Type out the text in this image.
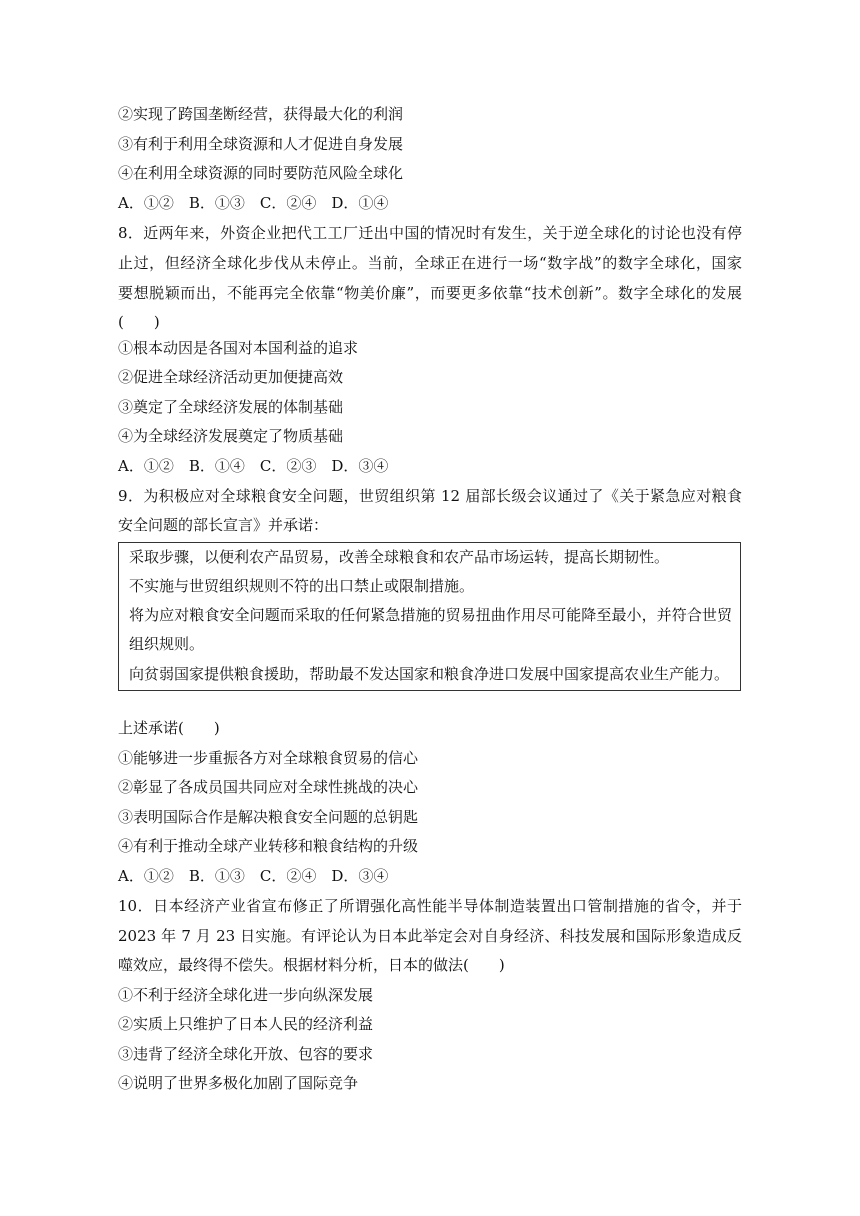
②实现了跨国垄断经营，获得最大化的利润
③有利于利用全球资源和人才促进自身发展
④在利用全球资源的同时要防范风险全球化
A．①②　B．①③　C．②④　D．①④
8．近两年来，外资企业把代工工厂迁出中国的情况时有发生，关于逆全球化的讨论也没有停
止过，但经济全球化步伐从未停止。当前，全球正在进行一场“数字战”的数字全球化，国家
要想脱颖而出，不能再完全依靠“物美价廉”，而要更多依靠“技术创新”。数字全球化的发展
(　　)
①根本动因是各国对本国利益的追求
②促进全球经济活动更加便捷高效
③奠定了全球经济发展的体制基础
④为全球经济发展奠定了物质基础
A．①②　B．①④　C．②③　D．③④
9．为积极应对全球粮食安全问题，世贸组织第 12 届部长级会议通过了《关于紧急应对粮食
安全问题的部长宣言》并承诺：
采取步骤，以便利农产品贸易，改善全球粮食和农产品市场运转，提高长期韧性。
不实施与世贸组织规则不符的出口禁止或限制措施。
将为应对粮食安全问题而采取的任何紧急措施的贸易扭曲作用尽可能降至最小，并符合世贸
组织规则。
向贫弱国家提供粮食援助，帮助最不发达国家和粮食净进口发展中国家提高农业生产能力。
上述承诺(　　)
①能够进一步重振各方对全球粮食贸易的信心
②彰显了各成员国共同应对全球性挑战的决心
③表明国际合作是解决粮食安全问题的总钥匙
④有利于推动全球产业转移和粮食结构的升级
A．①②　B．①③　C．②④　D．③④
10．日本经济产业省宣布修正了所谓强化高性能半导体制造装置出口管制措施的省令，并于
2023 年 7 月 23 日实施。有评论认为日本此举定会对自身经济、科技发展和国际形象造成反
噬效应，最终得不偿失。根据材料分析，日本的做法(　　)
①不利于经济全球化进一步向纵深发展
②实质上只维护了日本人民的经济利益
③违背了经济全球化开放、包容的要求
④说明了世界多极化加剧了国际竞争
